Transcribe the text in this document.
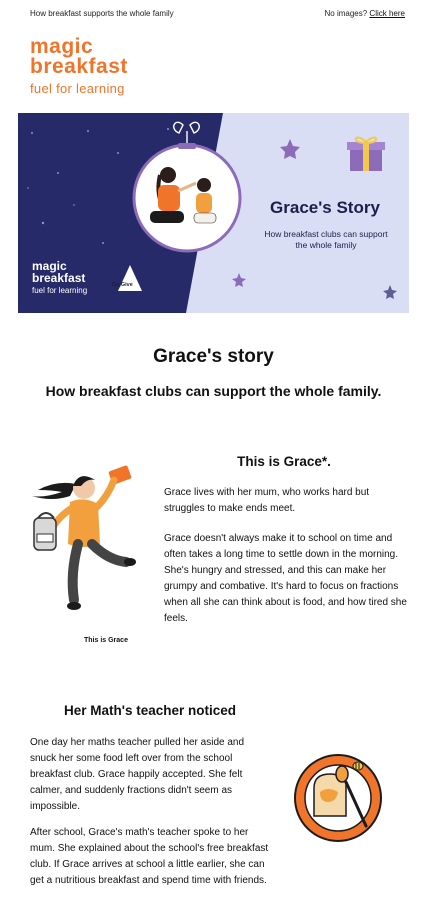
How breakfast supports the whole family	No images? Click here
magic
breakfast
fuel for learning
Grace's Story
How breakfast clubs can support the whole family
magic
breakfast
fuel for learning
BigGive
Grace's story
How breakfast clubs can support the whole family.
This is Grace
This is Grace*.

Grace lives with her mum, who works hard but struggles to make ends meet.

Grace doesn't always make it to school on time and often takes a long time to settle down in the morning. She's hungry and stressed, and this can make her grumpy and combative. It's hard to focus on fractions when all she can think about is food, and how tired she feels.

Her Math's teacher noticed

One day her maths teacher pulled her aside and snuck her some food left over from the school breakfast club. Grace happily accepted. She felt calmer, and suddenly fractions didn't seem as impossible.

After school, Grace's math's teacher spoke to her mum. She explained about the school's free breakfast club. If Grace arrives at school a little earlier, she can get a nutritious breakfast and spend time with friends.
